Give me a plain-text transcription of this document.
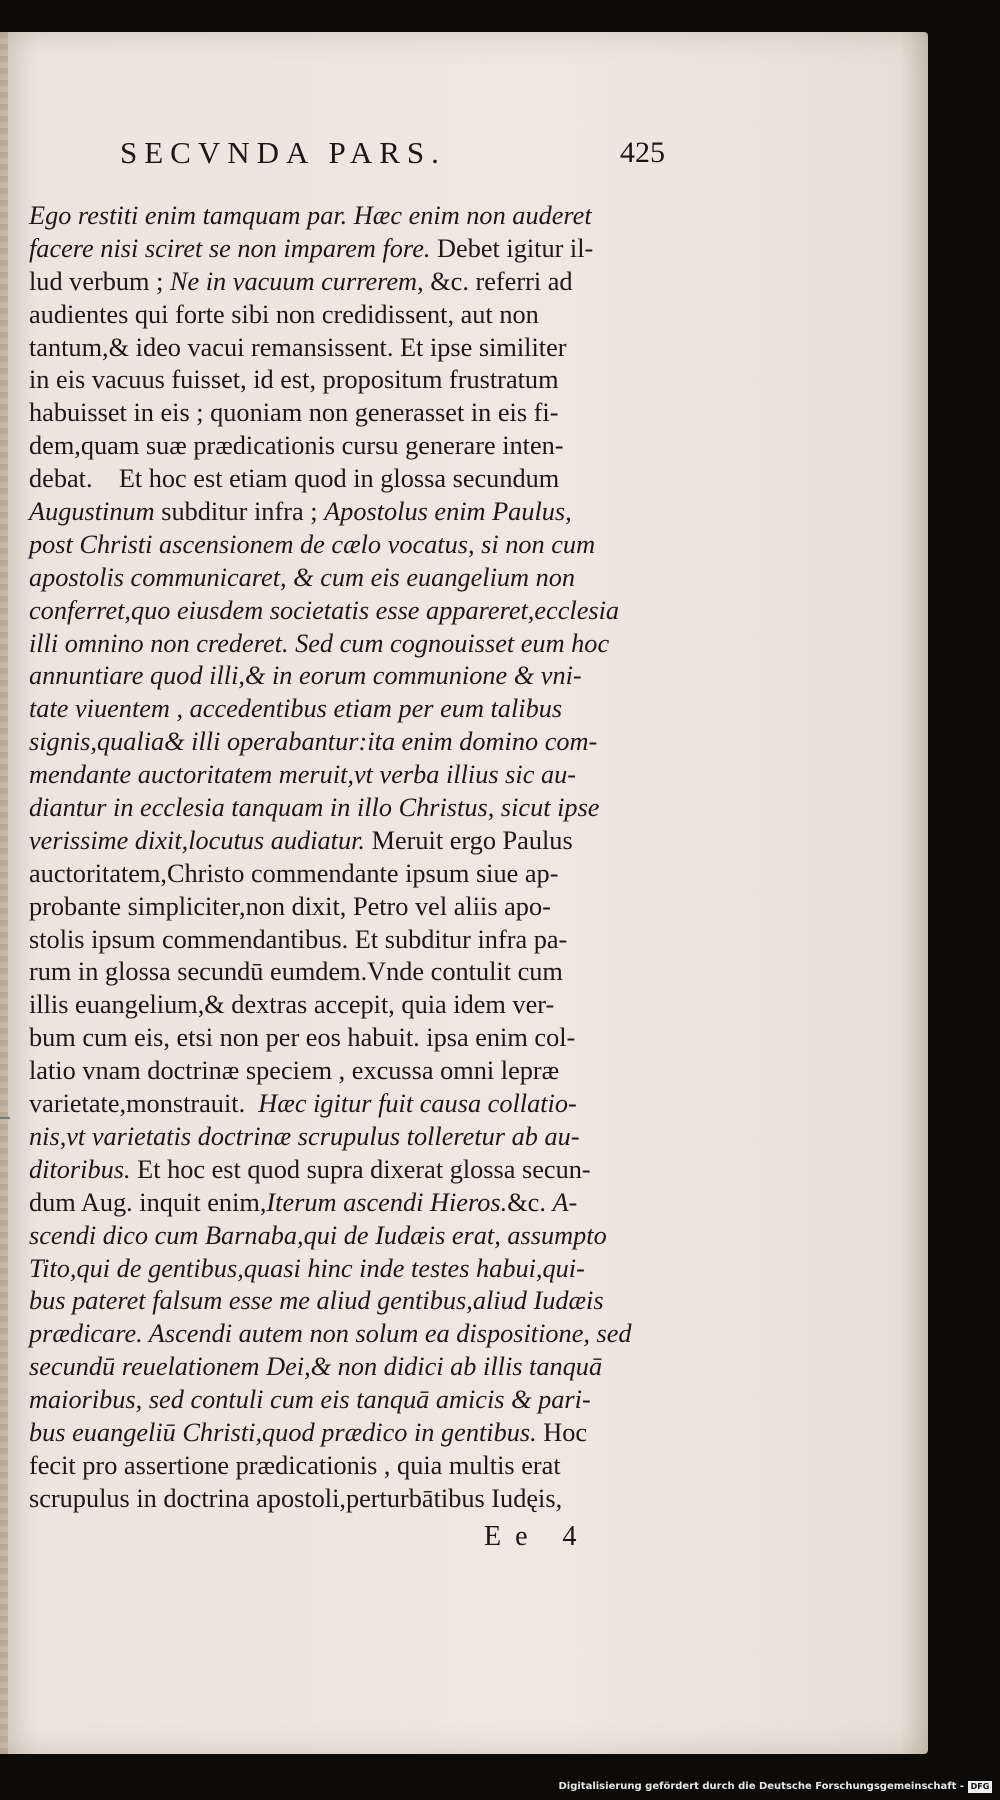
SECVNDA PARS.	425
Ego restiti enim tamquam par. Hæc enim non auderet
facere nisi sciret se non imparem fore. Debet igitur il-
lud verbum ; Ne in vacuum currerem, &c. referri ad
audientes qui forte sibi non credidissent, aut non
tantum,& ideo vacui remansissent. Et ipse similiter
in eis vacuus fuisset, id est, propositum frustratum
habuisset in eis ; quoniam non generasset in eis fi-
dem,quam suæ prædicationis cursu generare inten-
debat.    Et hoc est etiam quod in glossa secundum
Augustinum subditur infra ; Apostolus enim Paulus,
post Christi ascensionem de cælo vocatus, si non cum
apostolis communicaret, & cum eis euangelium non
conferret,quo eiusdem societatis esse appareret,ecclesia
illi omnino non crederet. Sed cum cognouisset eum hoc
annuntiare quod illi,& in eorum communione & vni-
tate viuentem , accedentibus etiam per eum talibus
signis,qualia& illi operabantur:ita enim domino com-
mendante auctoritatem meruit,vt verba illius sic au-
diantur in ecclesia tanquam in illo Christus, sicut ipse
verissime dixit,locutus audiatur. Meruit ergo Paulus
auctoritatem,Christo commendante ipsum siue ap-
probante simpliciter,non dixit, Petro vel aliis apo-
stolis ipsum commendantibus. Et subditur infra pa-
rum in glossa secundū eumdem.Vnde contulit cum
illis euangelium,& dextras accepit, quia idem ver-
bum cum eis, etsi non per eos habuit. ipsa enim col-
latio vnam doctrinæ speciem , excussa omni lepræ
varietate,monstrauit.  Hæc igitur fuit causa collatio-
nis,vt varietatis doctrinæ scrupulus tolleretur ab au-
ditoribus. Et hoc est quod supra dixerat glossa secun-
dum Aug. inquit enim,Iterum ascendi Hieros.&c. A-
scendi dico cum Barnaba,qui de Iudæis erat, assumpto
Tito,qui de gentibus,quasi hinc inde testes habui,qui-
bus pateret falsum esse me aliud gentibus,aliud Iudæis
prædicare. Ascendi autem non solum ea dispositione, sed
secundū reuelationem Dei,& non didici ab illis tanquā
maioribus, sed contuli cum eis tanquā amicis & pari-
bus euangeliū Christi,quod prædico in gentibus. Hoc
fecit pro assertione prædicationis , quia multis erat
scrupulus in doctrina apostoli,perturbātibus Iudęis,
Ee 4
Digitalisierung gefördert durch die Deutsche Forschungsgemeinschaft - DFG
